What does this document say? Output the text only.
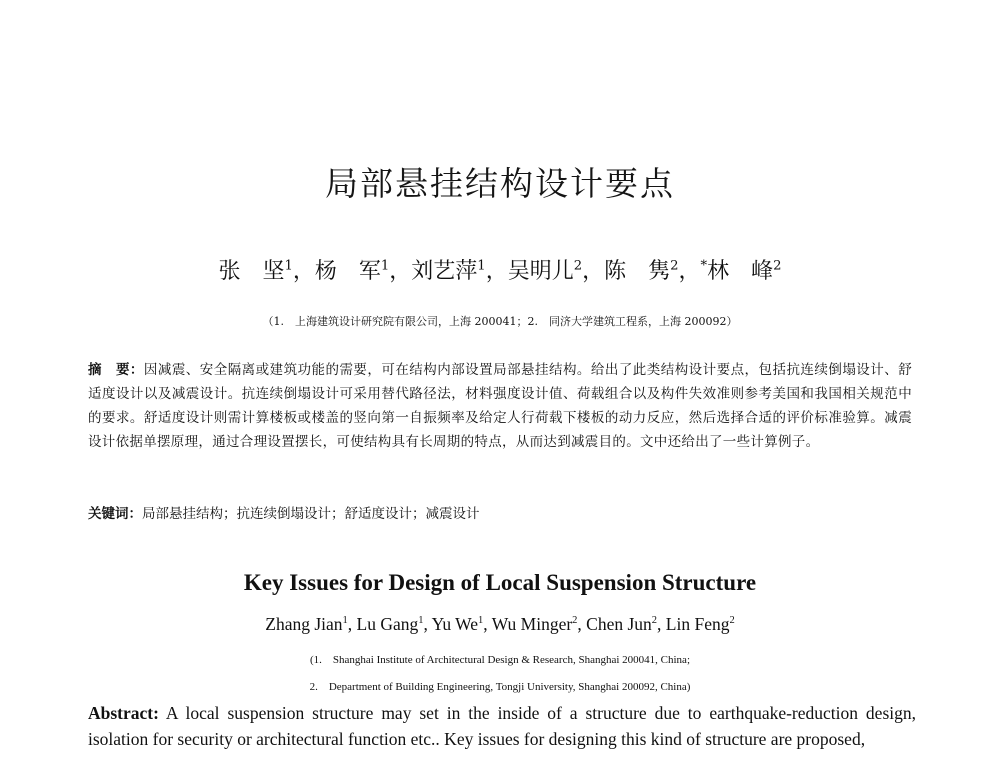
局部悬挂结构设计要点
张　坚$^1$，杨　军$^1$，刘艺萍$^1$，吴明儿$^2$，陈　隽$^2$，*林　峰$^2$
（1.　上海建筑设计研究院有限公司，上海 200041；2.　同济大学建筑工程系，上海 200092）
摘　要：因减震、安全隔离或建筑功能的需要，可在结构内部设置局部悬挂结构。给出了此类结构设计要点，包括抗连续倒塌设计、舒适度设计以及减震设计。抗连续倒塌设计可采用替代路径法，材料强度设计值、荷载组合以及构件失效准则参考美国和我国相关规范中的要求。舒适度设计则需计算楼板或楼盖的竖向第一自振频率及给定人行荷载下楼板的动力反应，然后选择合适的评价标准验算。减震设计依据单摆原理，通过合理设置摆长，可使结构具有长周期的特点，从而达到减震目的。文中还给出了一些计算例子。
关键词：局部悬挂结构；抗连续倒塌设计；舒适度设计；减震设计
Key Issues for Design of Local Suspension Structure
Zhang Jian$^1$, Lu Gang$^1$, Yu We$^1$, Wu Minger$^2$, Chen Jun$^2$, Lin Feng$^2$
(1.　Shanghai Institute of Architectural Design & Research, Shanghai 200041, China;
2.　Department of Building Engineering, Tongji University, Shanghai 200092, China)
Abstract: A local suspension structure may set in the inside of a structure due to earthquake-reduction design, isolation for security or architectural function etc.. Key issues for designing this kind of structure are proposed,
